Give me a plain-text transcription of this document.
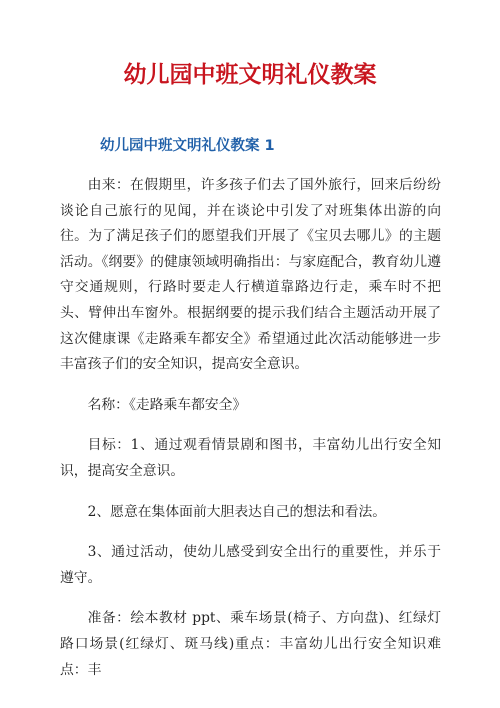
幼儿园中班文明礼仪教案
幼儿园中班文明礼仪教案 1

由来：在假期里，许多孩子们去了国外旅行，回来后纷纷谈论自己旅行的见闻，并在谈论中引发了对班集体出游的向往。为了满足孩子们的愿望我们开展了《宝贝去哪儿》的主题活动。《纲要》的健康领域明确指出：与家庭配合，教育幼儿遵守交通规则，行路时要走人行横道靠路边行走，乘车时不把头、臂伸出车窗外。根据纲要的提示我们结合主题活动开展了这次健康课《走路乘车都安全》希望通过此次活动能够进一步丰富孩子们的安全知识，提高安全意识。

名称：《走路乘车都安全》

目标：1、通过观看情景剧和图书，丰富幼儿出行安全知识，提高安全意识。

2、愿意在集体面前大胆表达自己的想法和看法。

3、通过活动，使幼儿感受到安全出行的重要性，并乐于遵守。

准备：绘本教材 ppt、乘车场景(椅子、方向盘)、红绿灯路口场景(红绿灯、斑马线)重点：丰富幼儿出行安全知识难点：丰
